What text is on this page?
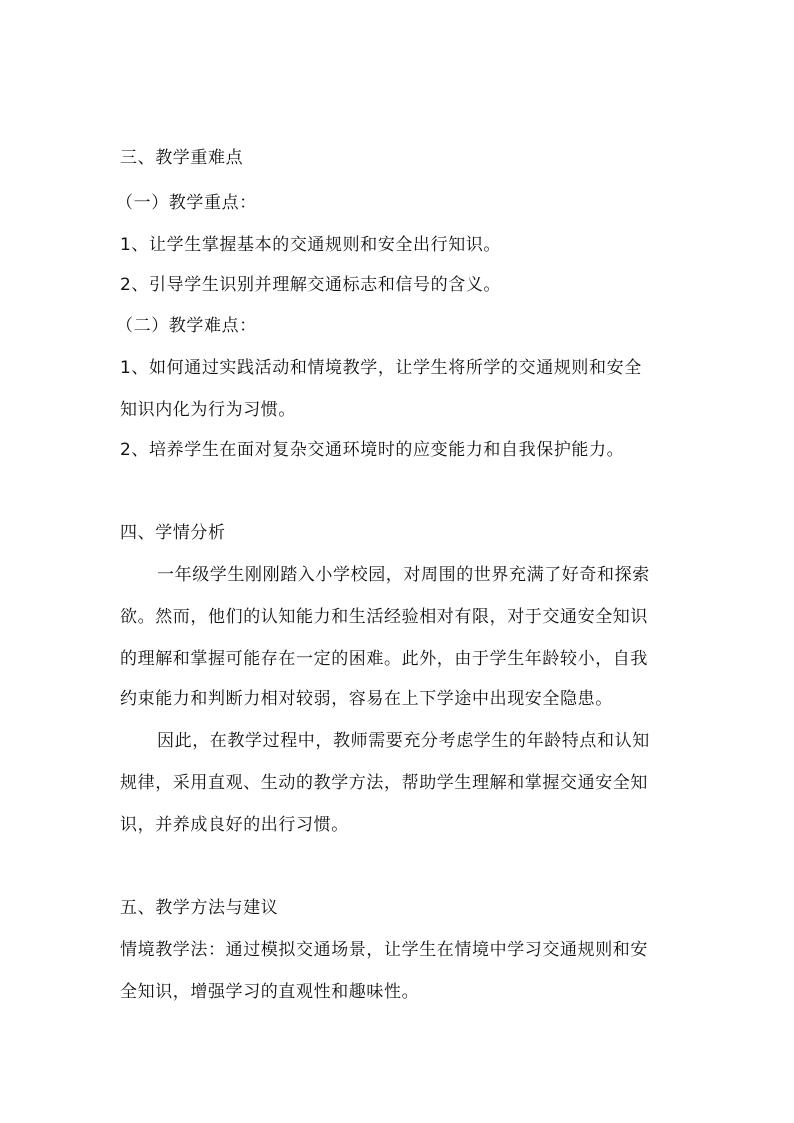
三、教学重难点
（一）教学重点：
1、让学生掌握基本的交通规则和安全出行知识。
2、引导学生识别并理解交通标志和信号的含义。
（二）教学难点：
1、如何通过实践活动和情境教学，让学生将所学的交通规则和安全
知识内化为行为习惯。
2、培养学生在面对复杂交通环境时的应变能力和自我保护能力。
四、学情分析
一年级学生刚刚踏入小学校园，对周围的世界充满了好奇和探索
欲。然而，他们的认知能力和生活经验相对有限，对于交通安全知识
的理解和掌握可能存在一定的困难。此外，由于学生年龄较小，自我
约束能力和判断力相对较弱，容易在上下学途中出现安全隐患。
因此，在教学过程中，教师需要充分考虑学生的年龄特点和认知
规律，采用直观、生动的教学方法，帮助学生理解和掌握交通安全知
识，并养成良好的出行习惯。
五、教学方法与建议
情境教学法：通过模拟交通场景，让学生在情境中学习交通规则和安
全知识，增强学习的直观性和趣味性。
